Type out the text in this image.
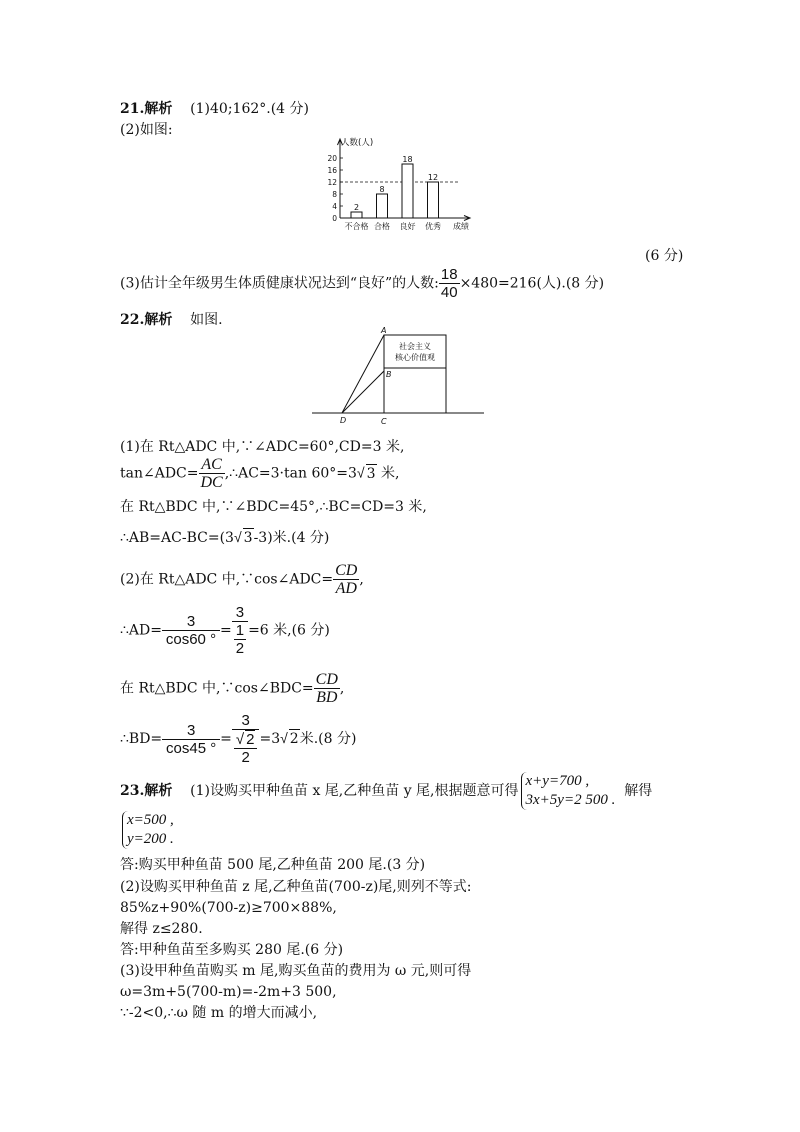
21.解析 (1)40;162°.(4 分)
(2)如图:
人数(人)
成绩
0
4
8
12
16
20
2
不合格
8
合格
18
良好
12
优秀
(6 分)
(3)估计全年级男生体质健康状况达到“良好”的人数: $\frac{18}{40} \times 480=216$(人).(8 分)
22.解析 如图.
社会主义
核心价值观
A
B
C
D
(1)在 Rt△ADC 中,∵∠ADC=60°,CD=3 米,
tan∠ADC= $\frac{AC}{DC}$ ,∴AC=3·tan 60°=3√ 3 米,
在 Rt△BDC 中,∵∠BDC=45°,∴BC=CD=3 米,
∴AB=AC-BC=(3√ 3-3)米.(4 分)
(2)在 Rt△ADC 中,∵cos∠ADC= $\frac{CD}{AD}$ ,
∴AD= $\frac{3}{\cos 60 ^\circ} = \frac{3}{\frac{1}{2}} =6$ 米,(6 分)
在 Rt△BDC 中,∵cos∠BDC= $\frac{CD}{BD}$ ,
∴BD= $\frac{3}{\cos 45 ^\circ} = \frac{3}{\frac{√ 2}{2}} =3√$ 2米.(8 分)
23.解析 (1)设购买甲种鱼苗 x 尾,乙种鱼苗 y 尾,根据题意可得
x+y=700 ,
3x+5y=2 500 .
解得
x=500 ,
y=200 .
答:购买甲种鱼苗 500 尾,乙种鱼苗 200 尾.(3 分)
(2)设购买甲种鱼苗 z 尾,乙种鱼苗(700-z)尾,则列不等式:
85%z+90%(700-z)≥700×88%,
解得 z≤280.
答:甲种鱼苗至多购买 280 尾.(6 分)
(3)设甲种鱼苗购买 m 尾,购买鱼苗的费用为 ω 元,则可得
ω=3m+5(700-m)=-2m+3 500,
∵-2<0,∴ω 随 m 的增大而减小,
